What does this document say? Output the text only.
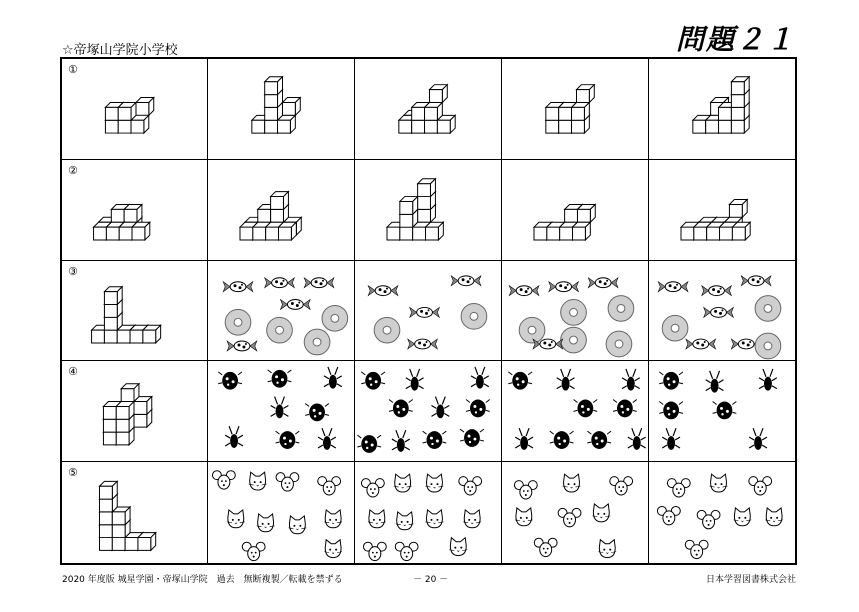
☆帝塚山学院小学校	問題２１
①
②
③
④
⑤
2020 年度版 城星学園・帝塚山学院　過去　無断複製／転載を禁ずる	－ 20 －	日本学習図書株式会社
